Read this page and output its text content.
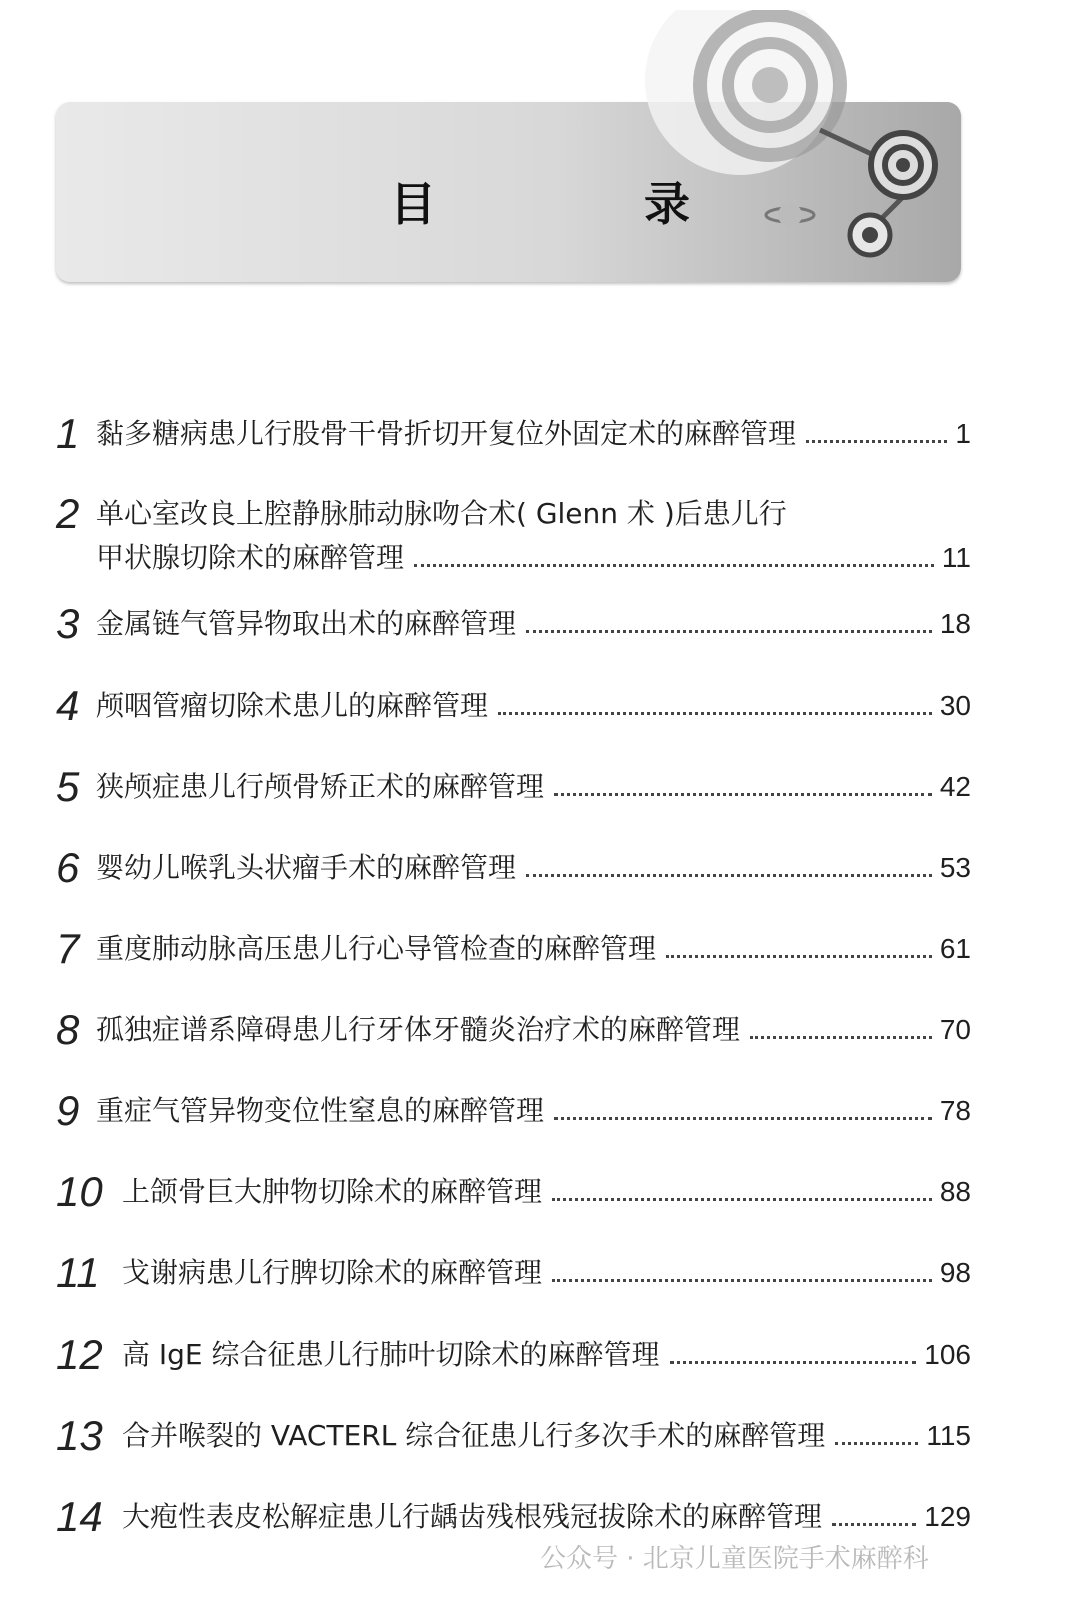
目 录
1 黏多糖病患儿行股骨干骨折切开复位外固定术的麻醉管理	1
2 单心室改良上腔静脉肺动脉吻合术( Glenn 术 )后患儿行
甲状腺切除术的麻醉管理	11
3 金属链气管异物取出术的麻醉管理	18
4 颅咽管瘤切除术患儿的麻醉管理	30
5 狭颅症患儿行颅骨矫正术的麻醉管理	42
6 婴幼儿喉乳头状瘤手术的麻醉管理	53
7 重度肺动脉高压患儿行心导管检查的麻醉管理	61
8 孤独症谱系障碍患儿行牙体牙髓炎治疗术的麻醉管理	70
9 重症气管异物变位性窒息的麻醉管理	78
10 上颌骨巨大肿物切除术的麻醉管理	88
11 戈谢病患儿行脾切除术的麻醉管理	98
12 高 IgE 综合征患儿行肺叶切除术的麻醉管理	106
13 合并喉裂的 VACTERL 综合征患儿行多次手术的麻醉管理	115
14 大疱性表皮松解症患儿行龋齿残根残冠拔除术的麻醉管理	129
公众号 · 北京儿童医院手术麻醉科
